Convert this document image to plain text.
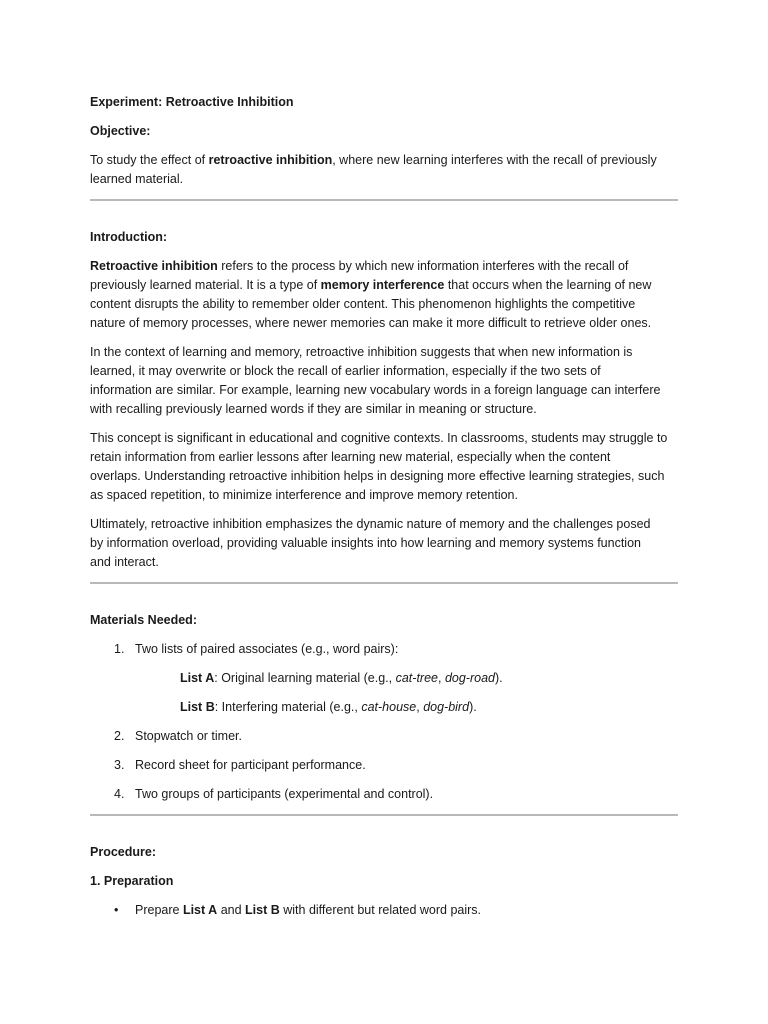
Experiment: Retroactive Inhibition

Objective:

To study the effect of retroactive inhibition, where new learning interferes with the recall of previously
learned material.

Introduction:

Retroactive inhibition refers to the process by which new information interferes with the recall of
previously learned material. It is a type of memory interference that occurs when the learning of new
content disrupts the ability to remember older content. This phenomenon highlights the competitive
nature of memory processes, where newer memories can make it more difficult to retrieve older ones.

In the context of learning and memory, retroactive inhibition suggests that when new information is
learned, it may overwrite or block the recall of earlier information, especially if the two sets of
information are similar. For example, learning new vocabulary words in a foreign language can interfere
with recalling previously learned words if they are similar in meaning or structure.

This concept is significant in educational and cognitive contexts. In classrooms, students may struggle to
retain information from earlier lessons after learning new material, especially when the content
overlaps. Understanding retroactive inhibition helps in designing more effective learning strategies, such
as spaced repetition, to minimize interference and improve memory retention.

Ultimately, retroactive inhibition emphasizes the dynamic nature of memory and the challenges posed
by information overload, providing valuable insights into how learning and memory systems function
and interact.

Materials Needed:

1. Two lists of paired associates (e.g., word pairs):

List A: Original learning material (e.g., cat-tree, dog-road).

List B: Interfering material (e.g., cat-house, dog-bird).

2. Stopwatch or timer.
3. Record sheet for participant performance.
4. Two groups of participants (experimental and control).

Procedure:

1. Preparation

• Prepare List A and List B with different but related word pairs.
